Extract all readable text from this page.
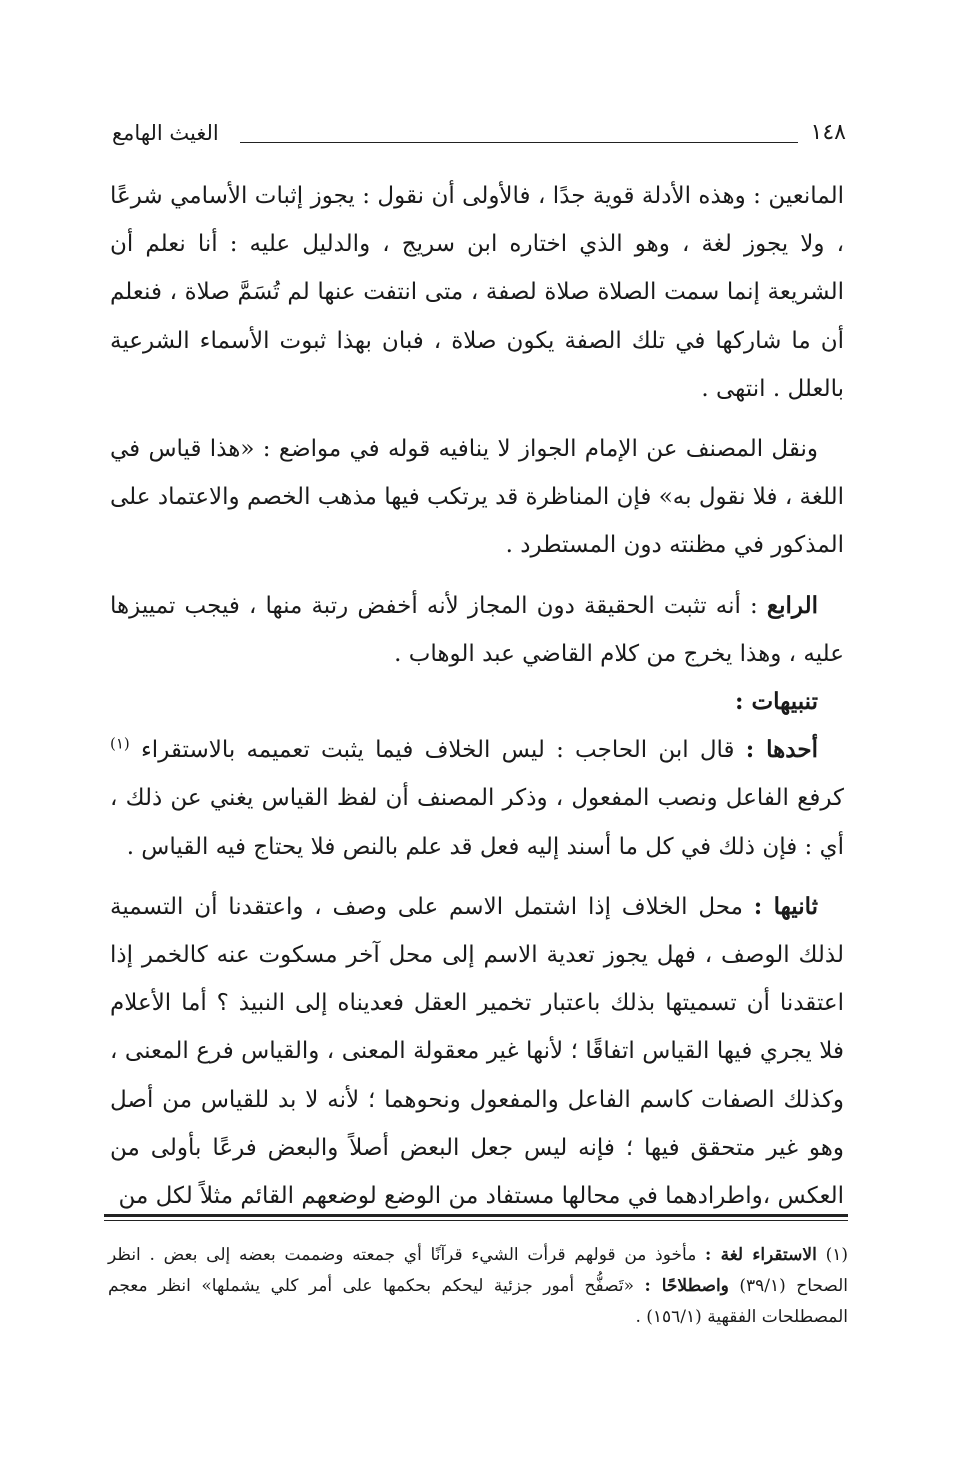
١٤٨
الغيث الهامع

المانعين : وهذه الأدلة قوية جدًا ، فالأولى أن نقول : يجوز إثبات الأسامي شرعًا ، ولا يجوز لغة ، وهو الذي اختاره ابن سريج ، والدليل عليه : أنا نعلم أن الشريعة إنما سمت الصلاة صلاة لصفة ، متى انتفت عنها لم تُسَمَّ صلاة ، فنعلم أن ما شاركها في تلك الصفة يكون صلاة ، فبان بهذا ثبوت الأسماء الشرعية بالعلل . انتهى .

ونقل المصنف عن الإمام الجواز لا ينافيه قوله في مواضع : «هذا قياس في اللغة ، فلا نقول به» فإن المناظرة قد يرتكب فيها مذهب الخصم والاعتماد على المذكور في مظنته دون المستطرد .

الرابع : أنه تثبت الحقيقة دون المجاز لأنه أخفض رتبة منها ، فيجب تمييزها عليه ، وهذا يخرج من كلام القاضي عبد الوهاب .

تنبيهات :

أحدها : قال ابن الحاجب : ليس الخلاف فيما يثبت تعميمه بالاستقراء $^{(١)}$ كرفع الفاعل ونصب المفعول ، وذكر المصنف أن لفظ القياس يغني عن ذلك ، أي : فإن ذلك في كل ما أسند إليه فعل قد علم بالنص فلا يحتاج فيه القياس .

ثانيها : محل الخلاف إذا اشتمل الاسم على وصف ، واعتقدنا أن التسمية لذلك الوصف ، فهل يجوز تعدية الاسم إلى محل آخر مسكوت عنه كالخمر إذا اعتقدنا أن تسميتها بذلك باعتبار تخمير العقل فعديناه إلى النبيذ ؟ أما الأعلام فلا يجري فيها القياس اتفاقًا ؛ لأنها غير معقولة المعنى ، والقياس فرع المعنى ، وكذلك الصفات كاسم الفاعل والمفعول ونحوهما ؛ لأنه لا بد للقياس من أصل وهو غير متحقق فيها ؛ فإنه ليس جعل البعض أصلاً والبعض فرعًا بأولى من العكس ،واطرادهما في محالها مستفاد من الوضع لوضعهم القائم مثلاً لكل من

(١) الاستقراء لغة : مأخوذ من قولهم قرأت الشيء قرآنًا أي جمعته وضممت بعضه إلى بعض . انظر الصحاح (٣٩/١) واصطلاحًا : «تَصفُّح أمور جزئية ليحكم بحكمها على أمر كلي يشملها» انظر معجم المصطلحات الفقهية (١٥٦/١) .
